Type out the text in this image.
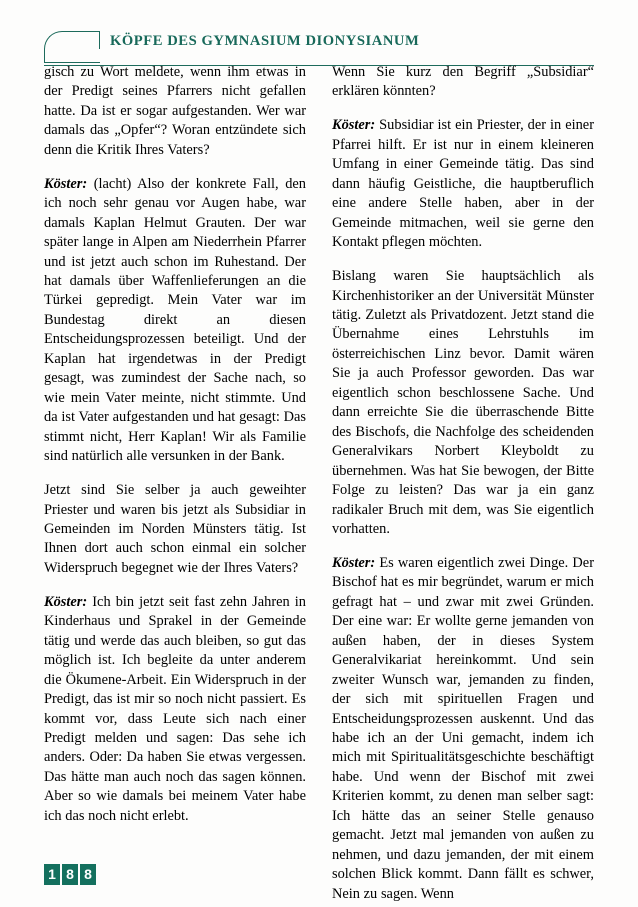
KÖPFE DES GYMNASIUM DIONYSIANUM

gisch zu Wort meldete, wenn ihm etwas in der Predigt seines Pfarrers nicht gefallen hatte. Da ist er sogar aufgestanden. Wer war damals das „Opfer“? Woran entzündete sich denn die Kritik Ihres Vaters?

Köster: (lacht) Also der konkrete Fall, den ich noch sehr genau vor Augen habe, war damals Kaplan Helmut Grauten. Der war später lange in Alpen am Niederrhein Pfarrer und ist jetzt auch schon im Ruhestand. Der hat damals über Waffenlieferungen an die Türkei gepredigt. Mein Vater war im Bundestag direkt an diesen Entscheidungsprozessen beteiligt. Und der Kaplan hat irgendetwas in der Predigt gesagt, was zumindest der Sache nach, so wie mein Vater meinte, nicht stimmte. Und da ist Vater aufgestanden und hat gesagt: Das stimmt nicht, Herr Kaplan! Wir als Familie sind natürlich alle versunken in der Bank.

Jetzt sind Sie selber ja auch geweihter Priester und waren bis jetzt als Subsidiar in Gemeinden im Norden Münsters tätig. Ist Ihnen dort auch schon einmal ein solcher Widerspruch begegnet wie der Ihres Vaters?

Köster: Ich bin jetzt seit fast zehn Jahren in Kinderhaus und Sprakel in der Gemeinde tätig und werde das auch bleiben, so gut das möglich ist. Ich begleite da unter anderem die Ökumene-Arbeit. Ein Widerspruch in der Predigt, das ist mir so noch nicht passiert. Es kommt vor, dass Leute sich nach einer Predigt melden und sagen: Das sehe ich anders. Oder: Da haben Sie etwas vergessen. Das hätte man auch noch das sagen können. Aber so wie damals bei meinem Vater habe ich das noch nicht erlebt.

Wenn Sie kurz den Begriff „Subsidiar“ erklären könnten?

Köster: Subsidiar ist ein Priester, der in einer Pfarrei hilft. Er ist nur in einem kleineren Umfang in einer Gemeinde tätig. Das sind dann häufig Geistliche, die hauptberuflich eine andere Stelle haben, aber in der Gemeinde mitmachen, weil sie gerne den Kontakt pflegen möchten.

Bislang waren Sie hauptsächlich als Kirchenhistoriker an der Universität Münster tätig. Zuletzt als Privatdozent. Jetzt stand die Übernahme eines Lehrstuhls im österreichischen Linz bevor. Damit wären Sie ja auch Professor geworden. Das war eigentlich schon beschlossene Sache. Und dann erreichte Sie die überraschende Bitte des Bischofs, die Nachfolge des scheidenden Generalvikars Norbert Kleyboldt zu übernehmen. Was hat Sie bewogen, der Bitte Folge zu leisten? Das war ja ein ganz radikaler Bruch mit dem, was Sie eigentlich vorhatten.

Köster: Es waren eigentlich zwei Dinge. Der Bischof hat es mir begründet, warum er mich gefragt hat – und zwar mit zwei Gründen. Der eine war: Er wollte gerne jemanden von außen haben, der in dieses System Generalvikariat hereinkommt. Und sein zweiter Wunsch war, jemanden zu finden, der sich mit spirituellen Fragen und Entscheidungsprozessen auskennt. Und das habe ich an der Uni gemacht, indem ich mich mit Spiritualitätsgeschichte beschäftigt habe. Und wenn der Bischof mit zwei Kriterien kommt, zu denen man selber sagt: Ich hätte das an seiner Stelle genauso gemacht. Jetzt mal jemanden von außen zu nehmen, und dazu jemanden, der mit einem solchen Blick kommt. Dann fällt es schwer, Nein zu sagen. Wenn

1 8 8
